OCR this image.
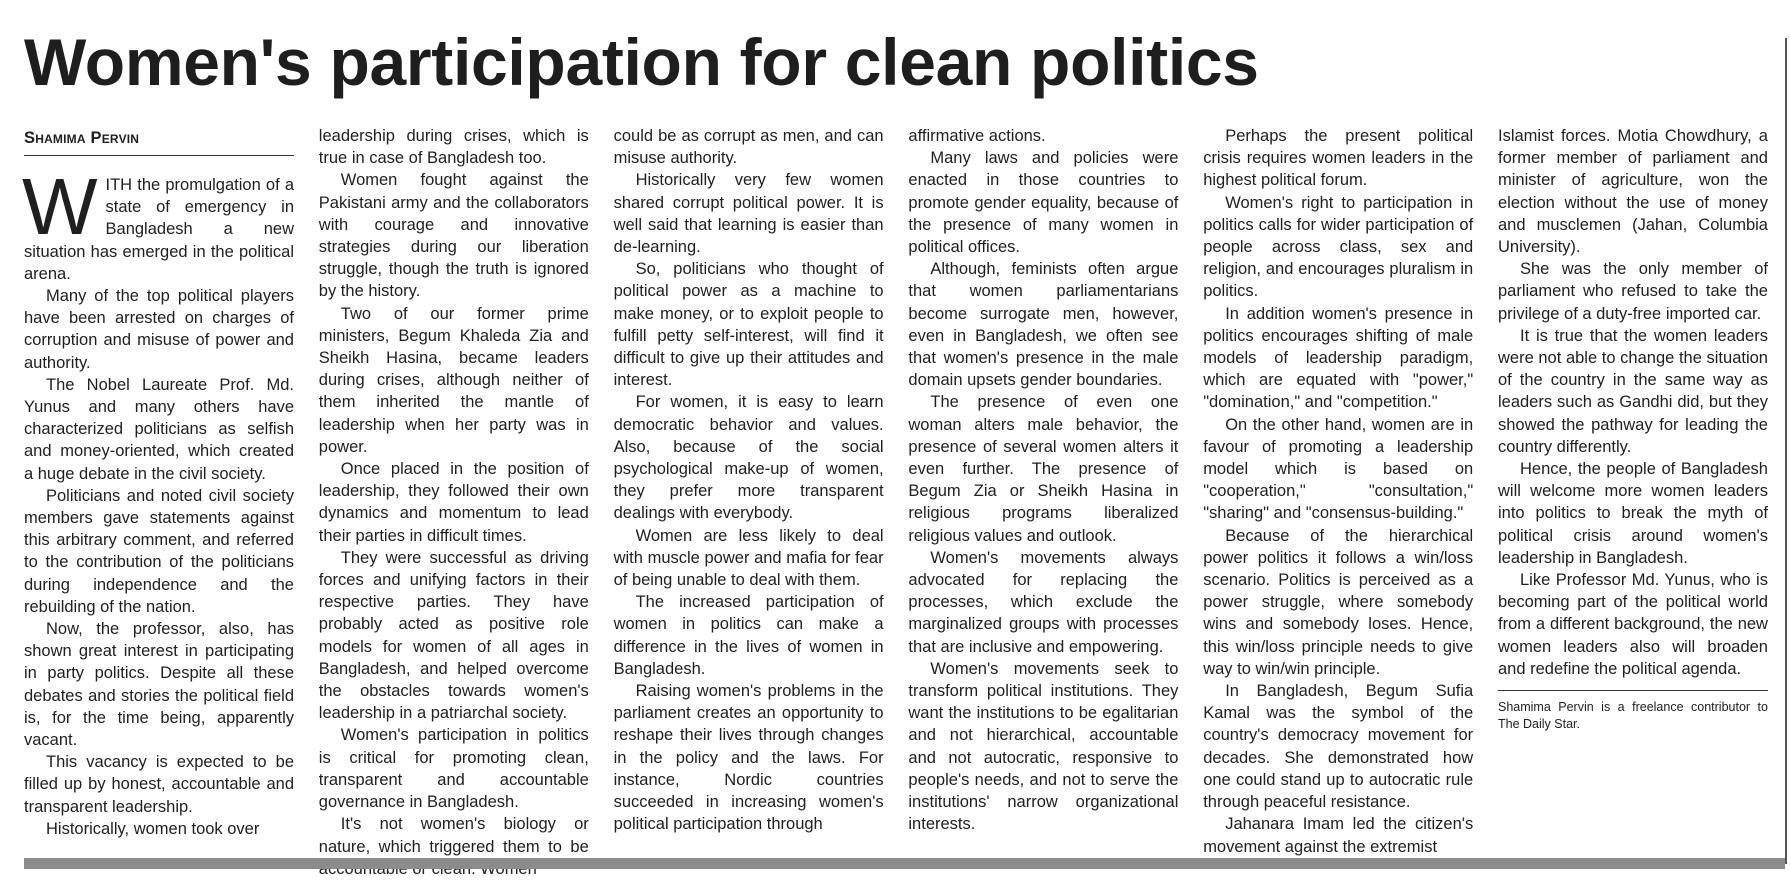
Women's participation for clean politics
Shamima Pervin

WITH the promulgation of a state of emergency in Bangladesh a new situation has emerged in the political arena.

Many of the top political players have been arrested on charges of corruption and misuse of power and authority.

The Nobel Laureate Prof. Md. Yunus and many others have characterized politicians as selfish and money-oriented, which created a huge debate in the civil society.

Politicians and noted civil society members gave statements against this arbitrary comment, and referred to the contribution of the politicians during independence and the rebuilding of the nation.

Now, the professor, also, has shown great interest in participating in party politics. Despite all these debates and stories the political field is, for the time being, apparently vacant.

This vacancy is expected to be filled up by honest, accountable and transparent leadership.

Historically, women took over

leadership during crises, which is true in case of Bangladesh too.

Women fought against the Pakistani army and the collaborators with courage and innovative strategies during our liberation struggle, though the truth is ignored by the history.

Two of our former prime ministers, Begum Khaleda Zia and Sheikh Hasina, became leaders during crises, although neither of them inherited the mantle of leadership when her party was in power.

Once placed in the position of leadership, they followed their own dynamics and momentum to lead their parties in difficult times.

They were successful as driving forces and unifying factors in their respective parties. They have probably acted as positive role models for women of all ages in Bangladesh, and helped overcome the obstacles towards women's leadership in a patriarchal society.

Women's participation in politics is critical for promoting clean, transparent and accountable governance in Bangladesh.

It's not women's biology or nature, which triggered them to be

could be as corrupt as men, and can misuse authority.

Historically very few women shared corrupt political power. It is well said that learning is easier than de-learning.

So, politicians who thought of political power as a machine to make money, or to exploit people to fulfill petty self-interest, will find it difficult to give up their attitudes and interest.

For women, it is easy to learn democratic behavior and values. Also, because of the social psychological make-up of women, they prefer more transparent dealings with everybody.

Women are less likely to deal with muscle power and mafia for fear of being unable to deal with them.

The increased participation of women in politics can make a difference in the lives of women in Bangladesh.

Raising women's problems in the parliament creates an opportunity to reshape their lives through changes in the policy and the laws. For instance, Nordic countries succeeded in increasing women's political participation through

affirmative actions.

Many laws and policies were enacted in those countries to promote gender equality, because of the presence of many women in political offices.

Although, feminists often argue that women parliamentarians become surrogate men, however, even in Bangladesh, we often see that women's presence in the male domain upsets gender boundaries.

The presence of even one woman alters male behavior, the presence of several women alters it even further. The presence of Begum Zia or Sheikh Hasina in religious programs liberalized religious values and outlook.

Women's movements always advocated for replacing the processes, which exclude the marginalized groups with processes that are inclusive and empowering.

Women's movements seek to transform political institutions. They want the institutions to be egalitarian and not hierarchical, accountable and not autocratic, responsive to people's needs, and not to serve the institutions' narrow organizational interests.

Perhaps the present political crisis requires women leaders in the highest political forum.

Women's right to participation in politics calls for wider participation of people across class, sex and religion, and encourages pluralism in politics.

In addition women's presence in politics encourages shifting of male models of leadership paradigm, which are equated with "power," "domination," and "competition."

On the other hand, women are in favour of promoting a leadership model which is based on "cooperation," "consultation," "sharing" and "consensus-building."

Because of the hierarchical power politics it follows a win/loss scenario. Politics is perceived as a power struggle, where somebody wins and somebody loses. Hence, this win/loss principle needs to give way to win/win principle.

In Bangladesh, Begum Sufia Kamal was the symbol of the country's democracy movement for decades. She demonstrated how one could stand up to autocratic rule through peaceful resistance.

Jahanara Imam led the citizen's movement against the extremist

Islamist forces. Motia Chowdhury, a former member of parliament and minister of agriculture, won the election without the use of money and musclemen (Jahan, Columbia University).

She was the only member of parliament who refused to take the privilege of a duty-free imported car.

It is true that the women leaders were not able to change the situation of the country in the same way as leaders such as Gandhi did, but they showed the pathway for leading the country differently.

Hence, the people of Bangladesh will welcome more women leaders into politics to break the myth of political crisis around women's leadership in Bangladesh.

Like Professor Md. Yunus, who is becoming part of the political world from a different background, the new women leaders also will broaden and redefine the political agenda.

Shamima Pervin is a freelance contributor to The Daily Star.
